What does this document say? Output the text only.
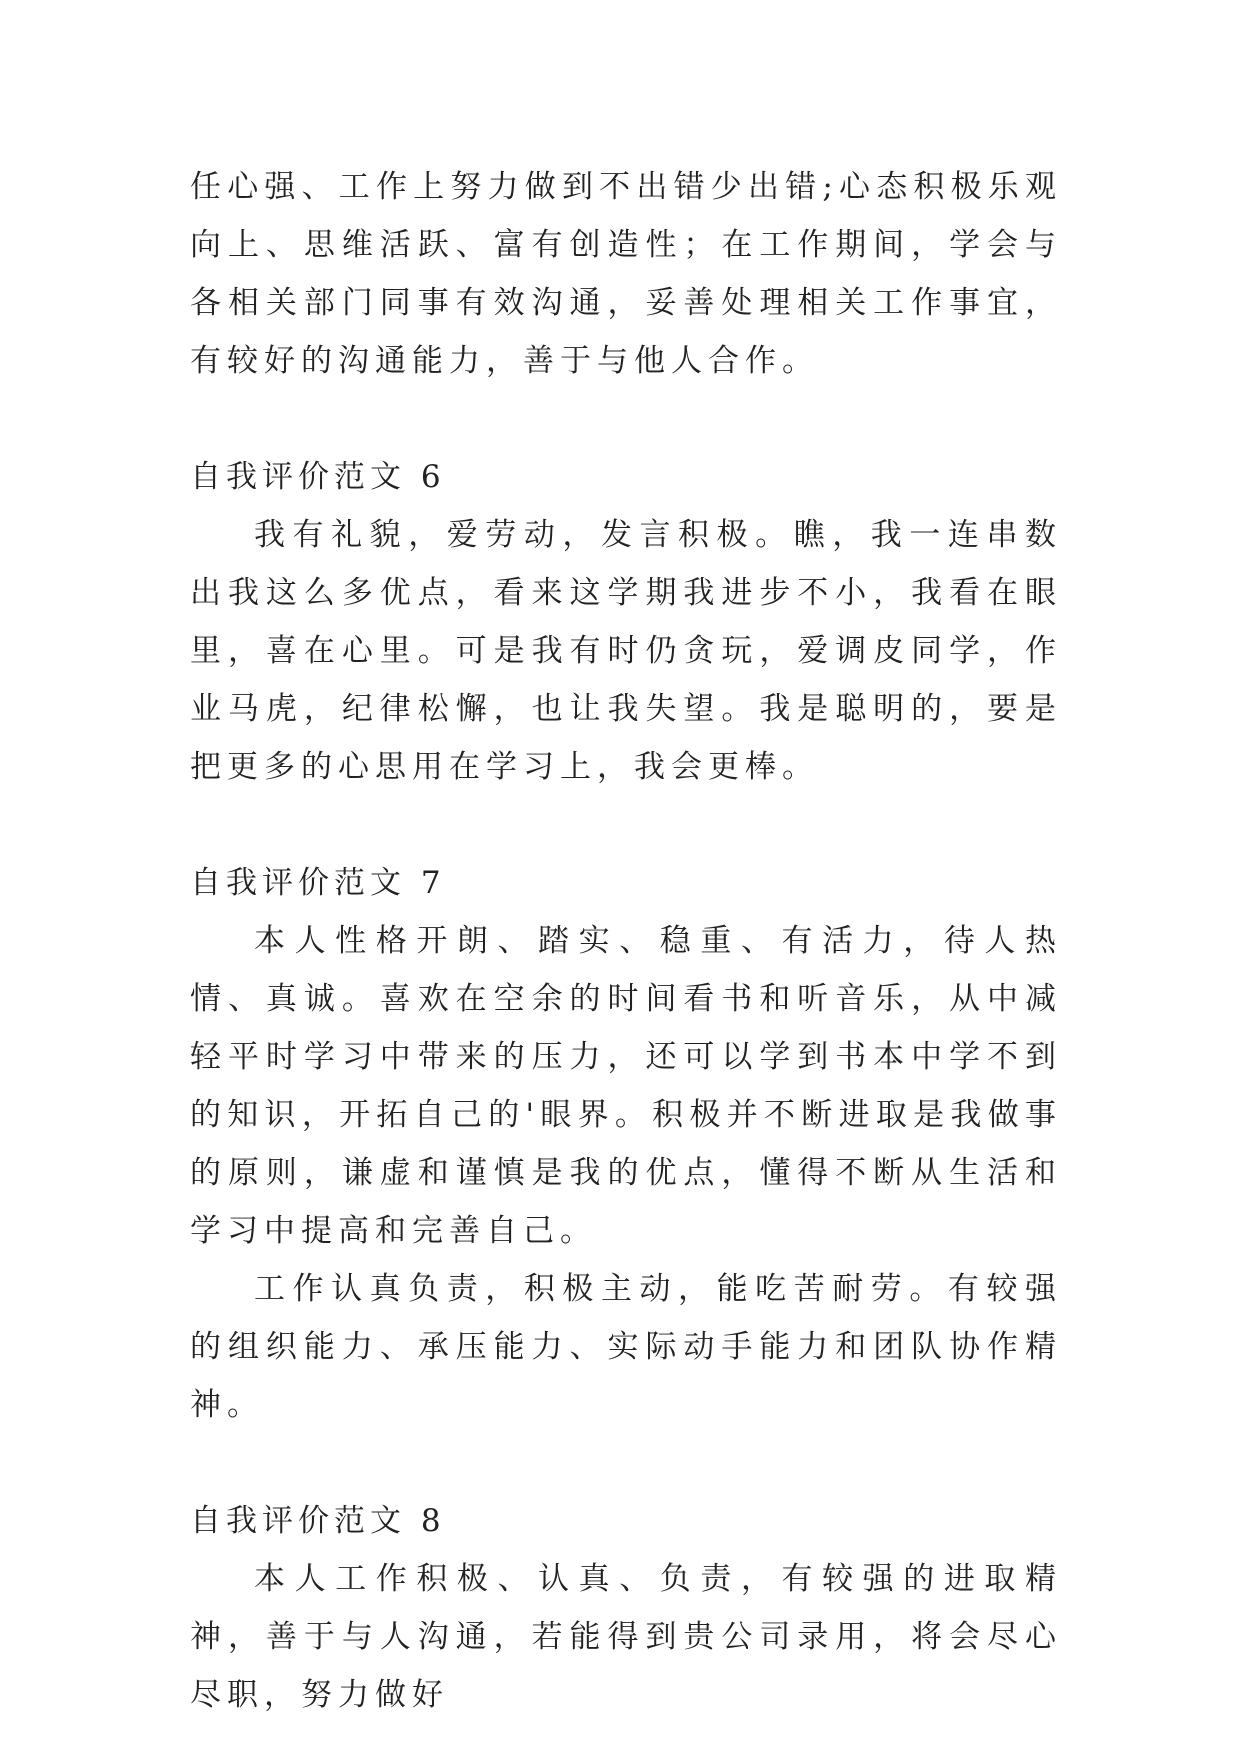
任心强、工作上努力做到不出错少出错;心态积极乐观向上、思维活跃、富有创造性；在工作期间，学会与各相关部门同事有效沟通，妥善处理相关工作事宜，有较好的沟通能力，善于与他人合作。

自我评价范文 6

我有礼貌，爱劳动，发言积极。瞧，我一连串数出我这么多优点，看来这学期我进步不小，我看在眼里，喜在心里。可是我有时仍贪玩，爱调皮同学，作业马虎，纪律松懈，也让我失望。我是聪明的，要是把更多的心思用在学习上，我会更棒。

自我评价范文 7

本人性格开朗、踏实、稳重、有活力，待人热情、真诚。喜欢在空余的时间看书和听音乐，从中减轻平时学习中带来的压力，还可以学到书本中学不到的知识，开拓自己的'眼界。积极并不断进取是我做事的原则，谦虚和谨慎是我的优点，懂得不断从生活和学习中提高和完善自己。

工作认真负责，积极主动，能吃苦耐劳。有较强的组织能力、承压能力、实际动手能力和团队协作精神。

自我评价范文 8

本人工作积极、认真、负责，有较强的进取精神，善于与人沟通，若能得到贵公司录用，将会尽心尽职，努力做好
